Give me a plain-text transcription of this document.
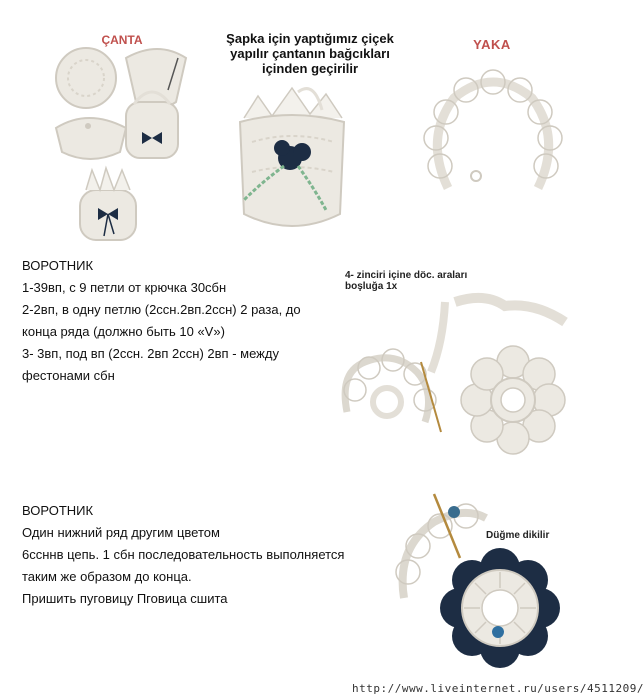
ÇANTA	Şapka için yaptığımız çiçek
yapılır çantanın bağcıkları
içinden geçirilir
YAKA
ВОРОТНИК
1-39вп, с 9 петли от крючка 30сбн
2-2вп, в одну петлю (2ссн.2вп.2ссн) 2 раза, до
конца ряда (должно быть 10 «V»)
3- 3вп, под вп (2ссн. 2вп 2ссн) 2вп - между
фестонами сбн
4- zinciri içine döc. araları
boşluğa 1x
ВОРОТНИК
Один нижний ряд другим цветом
6ссннв цепь. 1 сбн последовательность выполняется
таким же образом до конца.
Пришить пуговицу Пговица сшита
Düğme dikilir
http://www.liveinternet.ru/users/4511209/
